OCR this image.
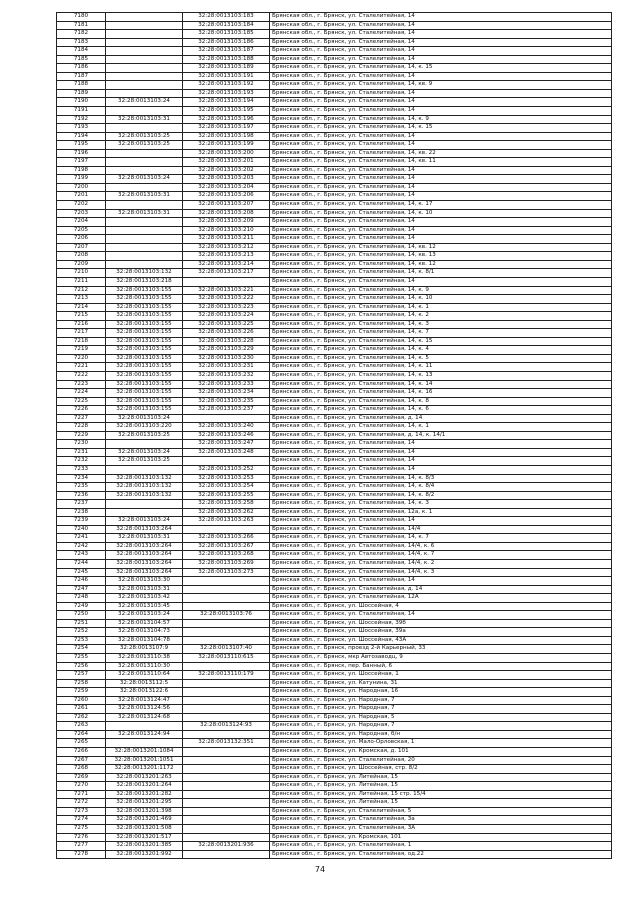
7180		32:28:0013103:183	Брянская обл., г. Брянск, ул. Сталелитейная, 14
7181		32:28:0013103:184	Брянская обл., г. Брянск, ул. Сталелитейная, 14
7182		32:28:0013103:185	Брянская обл., г. Брянск, ул. Сталелитейная, 14
7183		32:28:0013103:186	Брянская обл., г. Брянск, ул. Сталелитейная, 14
7184		32:28:0013103:187	Брянская обл., г. Брянск, ул. Сталелитейная, 14
7185		32:28:0013103:188	Брянская обл., г. Брянск, ул. Сталелитейная, 14
7186		32:28:0013103:189	Брянская обл., г. Брянск, ул. Сталелитейная, 14, к. 15
7187		32:28:0013103:191	Брянская обл., г. Брянск, ул. Сталелитейная, 14
7188		32:28:0013103:192	Брянская обл., г. Брянск, ул. Сталелитейная, 14, кв. 9
7189		32:28:0013103:193	Брянская обл., г. Брянск, ул. Сталелитейная, 14
7190	32:28:0013103:24	32:28:0013103:194	Брянская обл., г. Брянск, ул. Сталелитейная, 14
7191		32:28:0013103:195	Брянская обл., г. Брянск, ул. Сталелитейная, 14
7192	32:28:0013103:31	32:28:0013103:196	Брянская обл., г. Брянск, ул. Сталелитейная, 14, к. 9
7193		32:28:0013103:197	Брянская обл., г. Брянск, ул. Сталелитейная, 14, к. 15
7194	32:28:0013103:25	32:28:0013103:198	Брянская обл., г. Брянск, ул. Сталелитейная, 14
7195	32:28:0013103:25	32:28:0013103:199	Брянская обл., г. Брянск, ул. Сталелитейная, 14
7196		32:28:0013103:200	Брянская обл., г. Брянск, ул. Сталелитейная, 14, кв. 22
7197		32:28:0013103:201	Брянская обл., г. Брянск, ул. Сталелитейная, 14, кв. 11
7198		32:28:0013103:202	Брянская обл., г. Брянск, ул. Сталелитейная, 14
7199	32:28:0013103:24	32:28:0013103:203	Брянская обл., г. Брянск, ул. Сталелитейная, 14
7200		32:28:0013103:204	Брянская обл., г. Брянск, ул. Сталелитейная, 14
7201	32:28:0013103:31	32:28:0013103:206	Брянская обл., г. Брянск, ул. Сталелитейная, 14
7202		32:28:0013103:207	Брянская обл., г. Брянск, ул. Сталелитейная, 14, к. 17
7203	32:28:0013103:31	32:28:0013103:208	Брянская обл., г. Брянск, ул. Сталелитейная, 14, к. 10
7204		32:28:0013103:209	Брянская обл., г. Брянск, ул. Сталелитейная, 14
7205		32:28:0013103:210	Брянская обл., г. Брянск, ул. Сталелитейная, 14
7206		32:28:0013103:211	Брянская обл., г. Брянск, ул. Сталелитейная, 14
7207		32:28:0013103:212	Брянская обл., г. Брянск, ул. Сталелитейная, 14, кв. 12
7208		32:28:0013103:213	Брянская обл., г. Брянск, ул. Сталелитейная, 14, кв. 13
7209		32:28:0013103:214	Брянская обл., г. Брянск, ул. Сталелитейная, 14, кв. 12
7210	32:28:0013103:132	32:28:0013103:217	Брянская обл., г. Брянск, ул. Сталелитейная, 14, к. 8/1
7211	32:28:0013103:218		Брянская обл., г. Брянск, ул. Сталелитейная, 14
7212	32:28:0013103:155	32:28:0013103:221	Брянская обл., г. Брянск, ул. Сталелитейная, 14, к. 9
7213	32:28:0013103:155	32:28:0013103:222	Брянская обл., г. Брянск, ул. Сталелитейная, 14, к. 10
7214	32:28:0013103:155	32:28:0013103:223	Брянская обл., г. Брянск, ул. Сталелитейная, 14, к. 1
7215	32:28:0013103:155	32:28:0013103:224	Брянская обл., г. Брянск, ул. Сталелитейная, 14, к. 2
7216	32:28:0013103:155	32:28:0013103:225	Брянская обл., г. Брянск, ул. Сталелитейная, 14, к. 3
7217	32:28:0013103:155	32:28:0013103:226	Брянская обл., г. Брянск, ул. Сталелитейная, 14, к. 7
7218	32:28:0013103:155	32:28:0013103:228	Брянская обл., г. Брянск, ул. Сталелитейная, 14, к. 15
7219	32:28:0013103:155	32:28:0013103:229	Брянская обл., г. Брянск, ул. Сталелитейная, 14, к. 4
7220	32:28:0013103:155	32:28:0013103:230	Брянская обл., г. Брянск, ул. Сталелитейная, 14, к. 5
7221	32:28:0013103:155	32:28:0013103:231	Брянская обл., г. Брянск, ул. Сталелитейная, 14, к. 11
7222	32:28:0013103:155	32:28:0013103:232	Брянская обл., г. Брянск, ул. Сталелитейная, 14, к. 13
7223	32:28:0013103:155	32:28:0013103:233	Брянская обл., г. Брянск, ул. Сталелитейная, 14, к. 14
7224	32:28:0013103:155	32:28:0013103:234	Брянская обл., г. Брянск, ул. Сталелитейная, 14, к. 16
7225	32:28:0013103:155	32:28:0013103:235	Брянская обл., г. Брянск, ул. Сталелитейная, 14, к. 8
7226	32:28:0013103:155	32:28:0013103:237	Брянская обл., г. Брянск, ул. Сталелитейная, 14, к. 6
7227	32:28:0013103:24		Брянская обл., г. Брянск, ул. Сталелитейная, д. 14
7228	32:28:0013103:220	32:28:0013103:240	Брянская обл., г. Брянск, ул. Сталелитейная, 14, к. 1
7229	32:28:0013103:25	32:28:0013103:246	Брянская обл., г. Брянск, ул. Сталелитейная, д. 14, к. 14/1
7230		32:28:0013103:247	Брянская обл., г. Брянск, ул. Сталелитейная, 14
7231	32:28:0013103:24	32:28:0013103:248	Брянская обл., г. Брянск, ул. Сталелитейная, 14
7232	32:28:0013103:25		Брянская обл., г. Брянск, ул. Сталелитейная, 14
7233		32:28:0013103:252	Брянская обл., г. Брянск, ул. Сталелитейная, 14
7234	32:28:0013103:132	32:28:0013103:253	Брянская обл., г. Брянск, ул. Сталелитейная, 14, к. 8/3
7235	32:28:0013103:132	32:28:0013103:254	Брянская обл., г. Брянск, ул. Сталелитейная, 14, к. 8/4
7236	32:28:0013103:132	32:28:0013103:255	Брянская обл., г. Брянск, ул. Сталелитейная, 14, к. 8/2
7237		32:28:0013103:258	Брянская обл., г. Брянск, ул. Сталелитейная, 14, к. 3
7238		32:28:0013103:262	Брянская обл., г. Брянск, ул. Сталелитейная, 12а, к. 1
7239	32:28:0013103:24	32:28:0013103:263	Брянская обл., г. Брянск, ул. Сталелитейная, 14
7240	32:28:0013103:264		Брянская обл., г. Брянск, ул. Сталелитейная, 14/4
7241	32:28:0013103:31	32:28:0013103:266	Брянская обл., г. Брянск, ул. Сталелитейная, 14, к. 7
7242	32:28:0013103:264	32:28:0013103:267	Брянская обл., г. Брянск, ул. Сталелитейная, 14/4, к. 6
7243	32:28:0013103:264	32:28:0013103:268	Брянская обл., г. Брянск, ул. Сталелитейная, 14/4, к. 7
7244	32:28:0013103:264	32:28:0013103:269	Брянская обл., г. Брянск, ул. Сталелитейная, 14/4, к. 2
7245	32:28:0013103:264	32:28:0013103:273	Брянская обл., г. Брянск, ул. Сталелитейная, 14/4, к. 3
7246	32:28:0013103:30		Брянская обл., г. Брянск, ул. Сталелитейная, 14
7247	32:28:0013103:31		Брянская обл., г. Брянск, ул. Сталелитейная, д. 14
7248	32:28:0013103:42		Брянская обл., г. Брянск, ул. Сталелитейная, 12А
7249	32:28:0013103:45		Брянская обл., г. Брянск, ул. Шоссейная, 4
7250	32:28:0013103:24	32:28:0013103:76	Брянская обл., г. Брянск, ул. Сталелитейная, 14
7251	32:28:0013104:57		Брянская обл., г. Брянск, ул. Шоссейная, 39б
7252	32:28:0013104:73		Брянская обл., г. Брянск, ул. Шоссейная, 39а
7253	32:28:0013104:78		Брянская обл., г. Брянск, ул. Шоссейная, 43А
7254	32:28:0013107:9	32:28:0013107:40	Брянская обл., г. Брянск, проезд 2-й Карьерный, 33
7255	32:28:0013110:38	32:28:0013110:615	Брянская обл., г. Брянск, мкр Автозаводц, 9
7256	32:28:0013110:30		Брянская обл., г. Брянск, пер. Банный, 6
7257	32:28:0013110:64	32:28:0013110:179	Брянская обл., г. Брянск, ул. Шоссейная, 1
7258	32:28:0013112:5		Брянская обл., г. Брянск, ул. Катунина, 31
7259	32:28:0013122:6		Брянская обл., г. Брянск, ул. Народная, 16
7260	32:28:0013124:47		Брянская обл., г. Брянск, ул. Народная, 7
7261	32:28:0013124:56		Брянская обл., г. Брянск, ул. Народная, 7
7262	32:28:0013124:68		Брянская обл., г. Брянск, ул. Народная, 5
7263		32:28:0013124:93	Брянская обл., г. Брянск, ул. Народная, 7
7264	32:28:0013124:94		Брянская обл., г. Брянск, ул. Народная, б/н
7265		32:28:0013132:351	Брянская обл., г. Брянск, ул. Мало-Орловская, 1
7266	32:28:0013201:1084		Брянская обл., г. Брянск, ул. Кромская, д. 101
7267	32:28:0013201:1051		Брянская обл., г. Брянск, ул. Сталелитейная, 20
7268	32:28:0013201:1172		Брянская обл., г. Брянск, ул. Шоссейная, стр. 8/2
7269	32:28:0013201:263		Брянская обл., г. Брянск, ул. Литейная, 15
7270	32:28:0013201:264		Брянская обл., г. Брянск, ул. Литейная, 15
7271	32:28:0013201:282		Брянская обл., г. Брянск, ул. Литейная, 15 стр. 15/4
7272	32:28:0013201:295		Брянская обл., г. Брянск, ул. Литейная, 15
7273	32:28:0013201:398		Брянская обл., г. Брянск, ул. Сталелитейная, 5
7274	32:28:0013201:469		Брянская обл., г. Брянск, ул. Сталелитейная, 3а
7275	32:28:0013201:508		Брянская обл., г. Брянск, ул. Сталелитейная, 3А
7276	32:28:0013201:517		Брянская обл., г. Брянск, ул. Кромская, 101
7277	32:28:0013201:385	32:28:0013201:936	Брянская обл., г. Брянск, ул. Сталелитейная, 1
7278	32:28:0013201:992		Брянская обл., г. Брянск, ул. Сталелитейная, од.22
74
